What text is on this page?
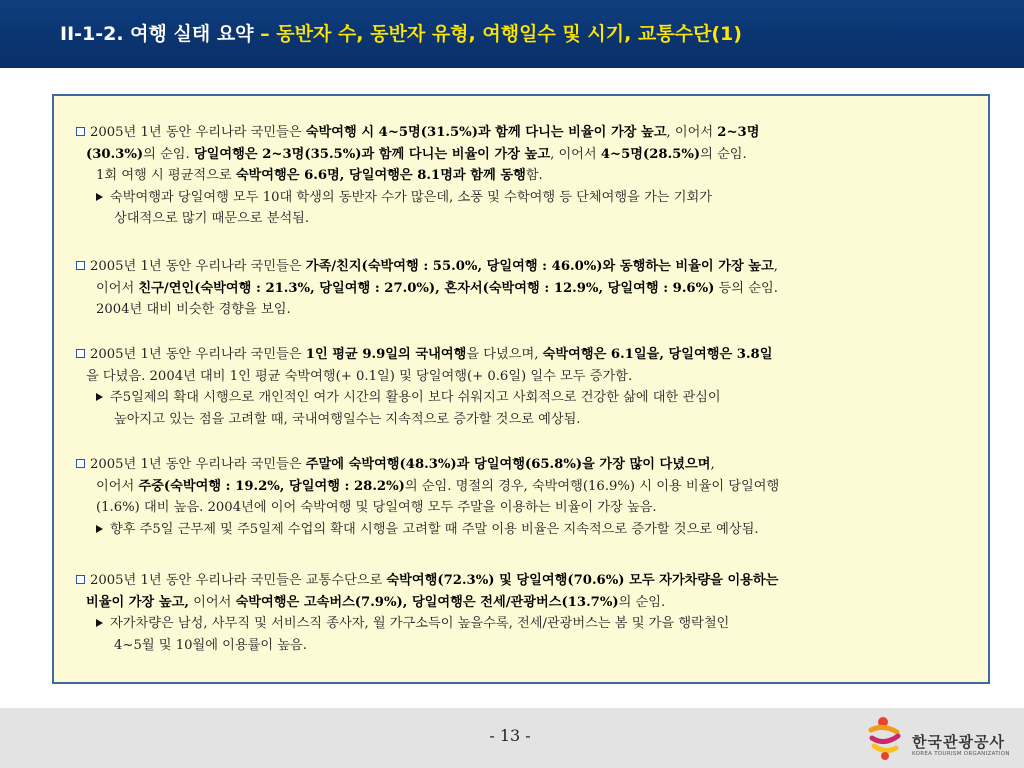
II-1-2. 여행 실태 요약 – 동반자 수, 동반자 유형, 여행일수 및 시기, 교통수단(1)
2005년 1년 동안 우리나라 국민들은 숙박여행 시 4~5명(31.5%)과 함께 다니는 비율이 가장 높고, 이어서 2~3명
(30.3%)의 순임. 당일여행은 2~3명(35.5%)과 함께 다니는 비율이 가장 높고, 이어서 4~5명(28.5%)의 순임.
1회 여행 시 평균적으로 숙박여행은 6.6명, 당일여행은 8.1명과 함께 동행함.
숙박여행과 당일여행 모두 10대 학생의 동반자 수가 많은데, 소풍 및 수학여행 등 단체여행을 가는 기회가
상대적으로 많기 때문으로 분석됨.
2005년 1년 동안 우리나라 국민들은 가족/친지(숙박여행 : 55.0%, 당일여행 : 46.0%)와 동행하는 비율이 가장 높고,
이어서 친구/연인(숙박여행 : 21.3%, 당일여행 : 27.0%), 혼자서(숙박여행 : 12.9%, 당일여행 : 9.6%) 등의 순임.
2004년 대비 비슷한 경향을 보임.
2005년 1년 동안 우리나라 국민들은 1인 평균 9.9일의 국내여행을 다녔으며, 숙박여행은 6.1일을, 당일여행은 3.8일
을 다녔음. 2004년 대비 1인 평균 숙박여행(+ 0.1일) 및 당일여행(+ 0.6일) 일수 모두 증가함.
주5일제의 확대 시행으로 개인적인 여가 시간의 활용이 보다 쉬워지고 사회적으로 건강한 삶에 대한 관심이
높아지고 있는 점을 고려할 때, 국내여행일수는 지속적으로 증가할 것으로 예상됨.
2005년 1년 동안 우리나라 국민들은 주말에 숙박여행(48.3%)과 당일여행(65.8%)을 가장 많이 다녔으며,
이어서 주중(숙박여행 : 19.2%, 당일여행 : 28.2%)의 순임. 명절의 경우, 숙박여행(16.9%) 시 이용 비율이 당일여행
(1.6%) 대비 높음. 2004년에 이어 숙박여행 및 당일여행 모두 주말을 이용하는 비율이 가장 높음.
향후 주5일 근무제 및 주5일제 수업의 확대 시행을 고려할 때 주말 이용 비율은 지속적으로 증가할 것으로 예상됨.
2005년 1년 동안 우리나라 국민들은 교통수단으로 숙박여행(72.3%) 및 당일여행(70.6%) 모두 자가차량을 이용하는
비율이 가장 높고, 이어서 숙박여행은 고속버스(7.9%), 당일여행은 전세/관광버스(13.7%)의 순임.
자가차량은 남성, 사무직 및 서비스직 종사자, 월 가구소득이 높을수록, 전세/관광버스는 봄 및 가을 행락철인
4~5월 및 10월에 이용률이 높음.
- 13 -	한국관광공사
KOREA TOURISM ORGANIZATION
